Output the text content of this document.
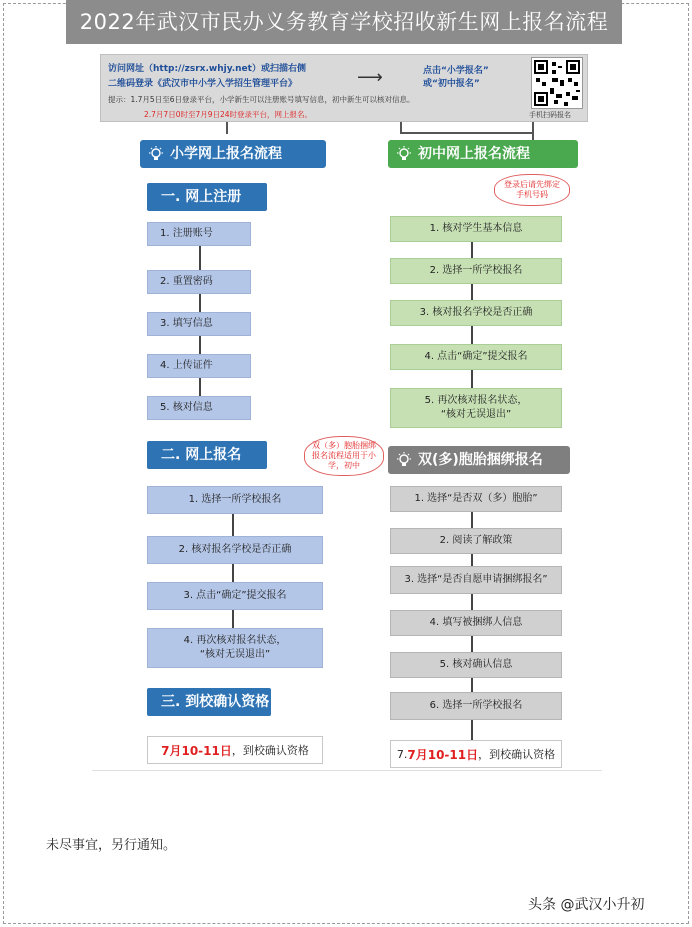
2022年武汉市民办义务教育学校招收新生网上报名流程
访问网址（http://zsrx.whjy.net）或扫描右侧
二维码登录《武汉市中小学入学招生管理平台》	⟶	点击“小学报名”
或“初中报名”
提示：1.7月5日至6日登录平台，小学新生可以注册账号填写信息，初中新生可以核对信息。
2.7月7日0时至7月9日24时登录平台，网上报名。	手机扫码报名
小学网上报名流程
一. 网上注册
1. 注册账号
2. 重置密码
3. 填写信息
4. 上传证件
5. 核对信息
二. 网上报名
双（多）胞胎捆绑报名流程适用于小学，初中
1. 选择一所学校报名
2. 核对报名学校是否正确
3. 点击“确定”提交报名
4. 再次核对报名状态，
“核对无误退出”
三. 到校确认资格
7月10-11日 ，到校确认资格
初中网上报名流程
登录后请先绑定手机号码
1. 核对学生基本信息
2. 选择一所学校报名
3. 核对报名学校是否正确
4. 点击“确定”提交报名
5. 再次核对报名状态，
“核对无误退出”
双(多)胞胎捆绑报名
1. 选择“是否双（多）胞胎”
2. 阅读了解政策
3. 选择“是否自愿申请捆绑报名”
4. 填写被捆绑人信息
5. 核对确认信息
6. 选择一所学校报名
7. 7月10-11日 ，到校确认资格
未尽事宜，另行通知。
头条 @武汉小升初
